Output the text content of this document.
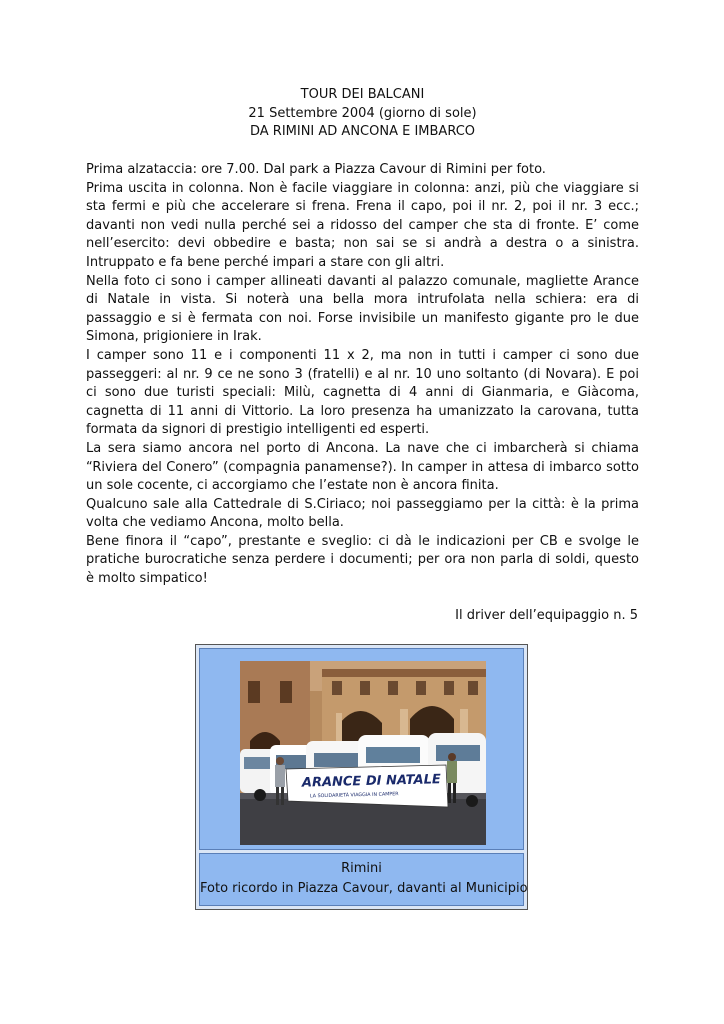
TOUR DEI BALCANI
21 Settembre 2004 (giorno di sole)
DA RIMINI AD ANCONA E IMBARCO

Prima alzataccia: ore 7.00. Dal park a Piazza Cavour di Rimini per foto.

Prima uscita in colonna. Non è facile viaggiare in colonna: anzi, più che viaggiare si sta fermi e più che accelerare si frena. Frena il capo, poi il nr. 2, poi il nr. 3 ecc.; davanti non vedi nulla perché sei a ridosso del camper che sta di fronte. E’ come nell’esercito: devi obbedire e basta; non sai se si andrà a destra o a sinistra. Intruppato e fa bene perché impari a stare con gli altri.

Nella foto ci sono i camper allineati davanti al palazzo comunale, magliette Arance di Natale in vista. Si noterà una bella mora intrufolata nella schiera: era di passaggio e si è fermata con noi. Forse invisibile un manifesto gigante pro le due Simona, prigioniere in Irak.

I camper sono 11 e i componenti 11 x 2, ma non in tutti i camper ci sono due passeggeri: al nr. 9 ce ne sono 3 (fratelli) e al nr. 10 uno soltanto (di Novara). E poi ci sono due turisti speciali: Milù, cagnetta di 4 anni di Gianmaria, e Giàcoma, cagnetta di 11 anni di Vittorio. La loro presenza ha umanizzato la carovana, tutta formata da signori di prestigio intelligenti ed esperti.

La sera siamo ancora nel porto di Ancona. La nave che ci imbarcherà si chiama “Riviera del Conero” (compagnia panamense?). In camper in attesa di imbarco sotto un sole cocente, ci accorgiamo che l’estate non è ancora finita.

Qualcuno sale alla Cattedrale di S.Ciriaco; noi passeggiamo per la città: è la prima volta che vediamo Ancona, molto bella.

Bene finora il “capo”, prestante e sveglio: ci dà le indicazioni per CB e svolge le pratiche burocratiche senza perdere i documenti; per ora non parla di soldi, questo è molto simpatico!

Il driver dell’equipaggio n. 5
ARANCE DI NATALE
LA SOLIDARIETÀ VIAGGIA IN CAMPER
Rimini
Foto ricordo in Piazza Cavour, davanti al Municipio
